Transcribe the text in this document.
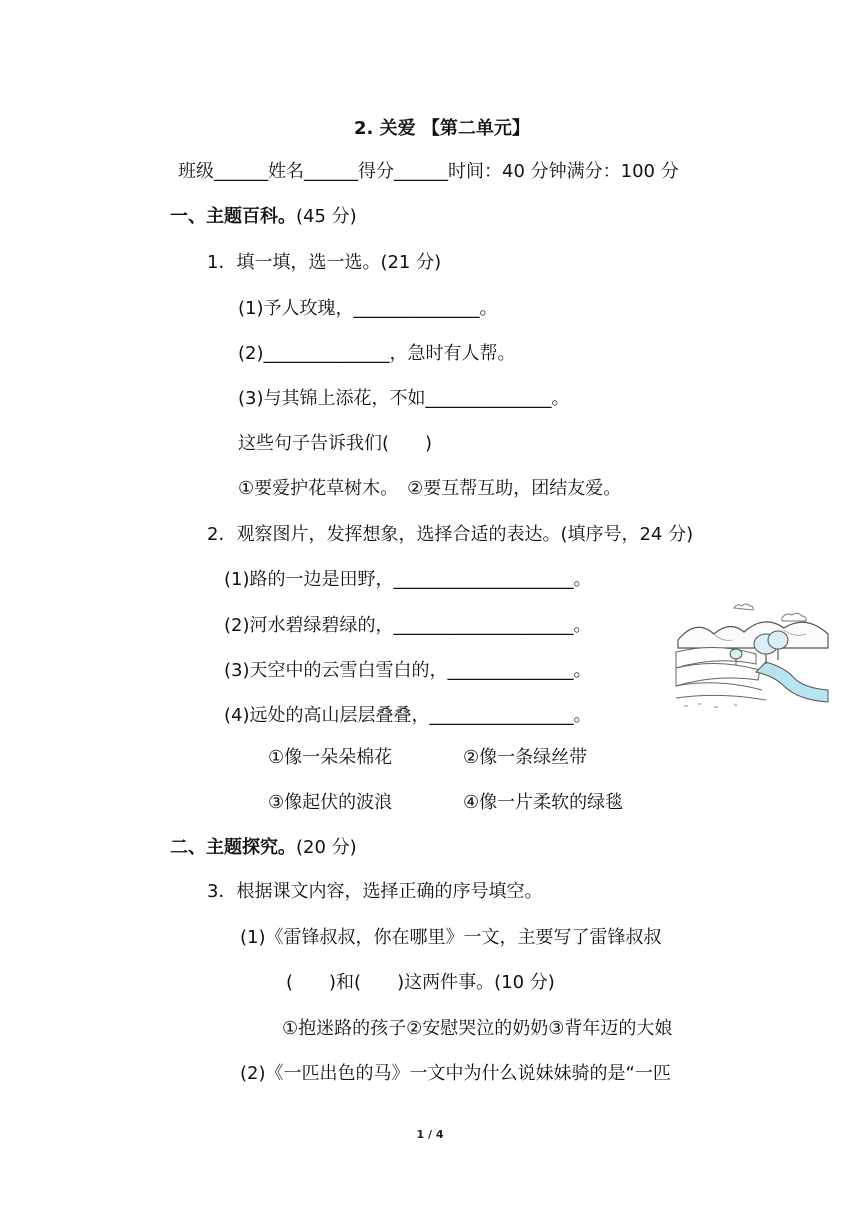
2. 关爱 【第二单元】
班级______姓名______得分______时间：40 分钟满分：100 分
一、主题百科。(45 分)
1．填一填，选一选。(21 分)
(1)予人玫瑰，______________。
(2)______________，急时有人帮。
(3)与其锦上添花，不如______________。
这些句子告诉我们(　　)
①要爱护花草树木。　②要互帮互助，团结友爱。
2．观察图片，发挥想象，选择合适的表达。(填序号，24 分)
(1)路的一边是田野，____________________。
(2)河水碧绿碧绿的，____________________。
(3)天空中的云雪白雪白的，______________。
(4)远处的高山层层叠叠，________________。
①像一朵朵棉花	②像一条绿丝带
③像起伏的波浪	④像一片柔软的绿毯
二、主题探究。(20 分)
3．根据课文内容，选择正确的序号填空。
(1)《雷锋叔叔，你在哪里》一文，主要写了雷锋叔叔
(　　)和(　　)这两件事。(10 分)
①抱迷路的孩子②安慰哭泣的奶奶③背年迈的大娘
(2)《一匹出色的马》一文中为什么说妹妹骑的是“一匹
1 / 4
